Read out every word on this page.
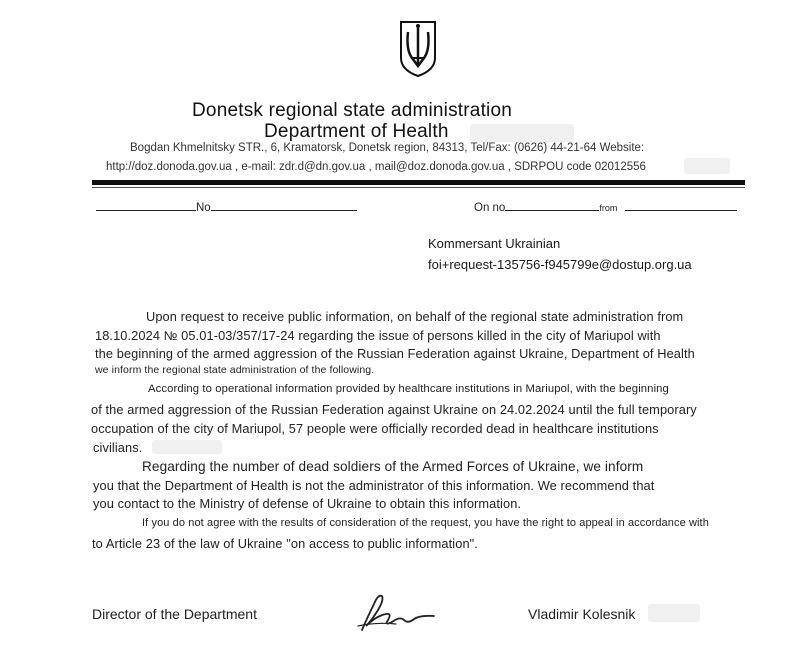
Donetsk regional state administration
Department of Health
Bogdan Khmelnitsky STR., 6, Kramatorsk, Donetsk region, 84313, Tel/Fax: (0626) 44-21-64 Website:
http://doz.donoda.gov.ua , e-mail: zdr.d@dn.gov.ua , mail@doz.donoda.gov.ua , SDRPOU code 02012556
No	On no	from
Kommersant Ukrainian
foi+request-135756-f945799e@dostup.org.ua
Upon request to receive public information, on behalf of the regional state administration from
18.10.2024 № 05.01-03/357/17-24 regarding the issue of persons killed in the city of Mariupol with
the beginning of the armed aggression of the Russian Federation against Ukraine, Department of Health
we inform the regional state administration of the following.
According to operational information provided by healthcare institutions in Mariupol, with the beginning
of the armed aggression of the Russian Federation against Ukraine on 24.02.2024 until the full temporary
occupation of the city of Mariupol, 57 people were officially recorded dead in healthcare institutions
civilians.
Regarding the number of dead soldiers of the Armed Forces of Ukraine, we inform
you that the Department of Health is not the administrator of this information. We recommend that
you contact to the Ministry of defense of Ukraine to obtain this information.
If you do not agree with the results of consideration of the request, you have the right to appeal in accordance with
to Article 23 of the law of Ukraine "on access to public information".
Director of the Department	Vladimir Kolesnik
